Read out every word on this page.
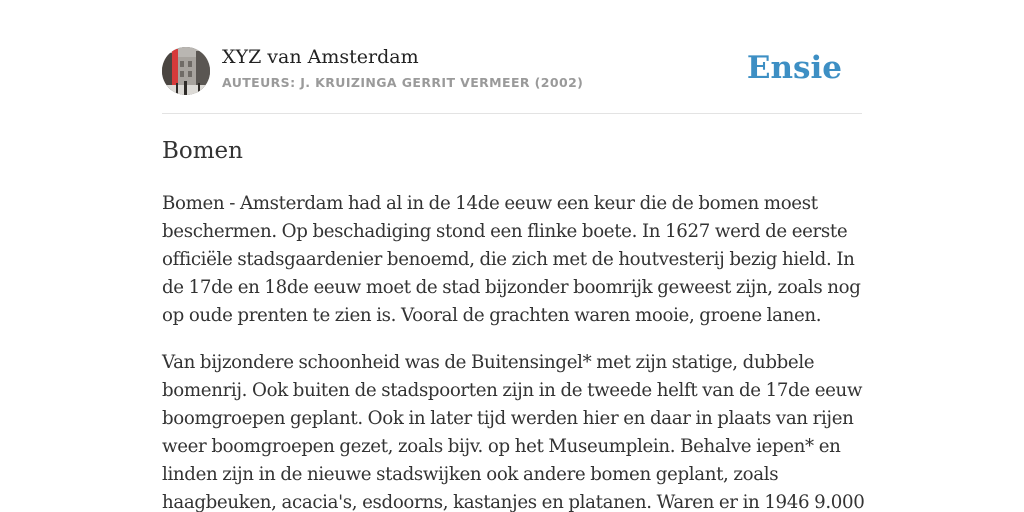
XYZ van Amsterdam
AUTEURS: J. KRUIZINGA GERRIT VERMEER (2002)	Ensie
Bomen

Bomen - Amsterdam had al in de 14de eeuw een keur die de bomen moest beschermen. Op beschadiging stond een flinke boete. In 1627 werd de eerste officiële stadsgaardenier benoemd, die zich met de houtvesterij bezig hield. In de 17de en 18de eeuw moet de stad bijzonder boomrijk geweest zijn, zoals nog op oude prenten te zien is. Vooral de grachten waren mooie, groene lanen.

Van bijzondere schoonheid was de Buitensingel* met zijn statige, dubbele bomenrij. Ook buiten de stadspoorten zijn in de tweede helft van de 17de eeuw boomgroepen geplant. Ook in later tijd werden hier en daar in plaats van rijen weer boomgroepen gezet, zoals bijv. op het Museumplein. Behalve iepen* en linden zijn in de nieuwe stadswijken ook andere bomen geplant, zoals haagbeuken, acacia's, esdoorns, kastanjes en platanen. Waren er in 1946 9.000
